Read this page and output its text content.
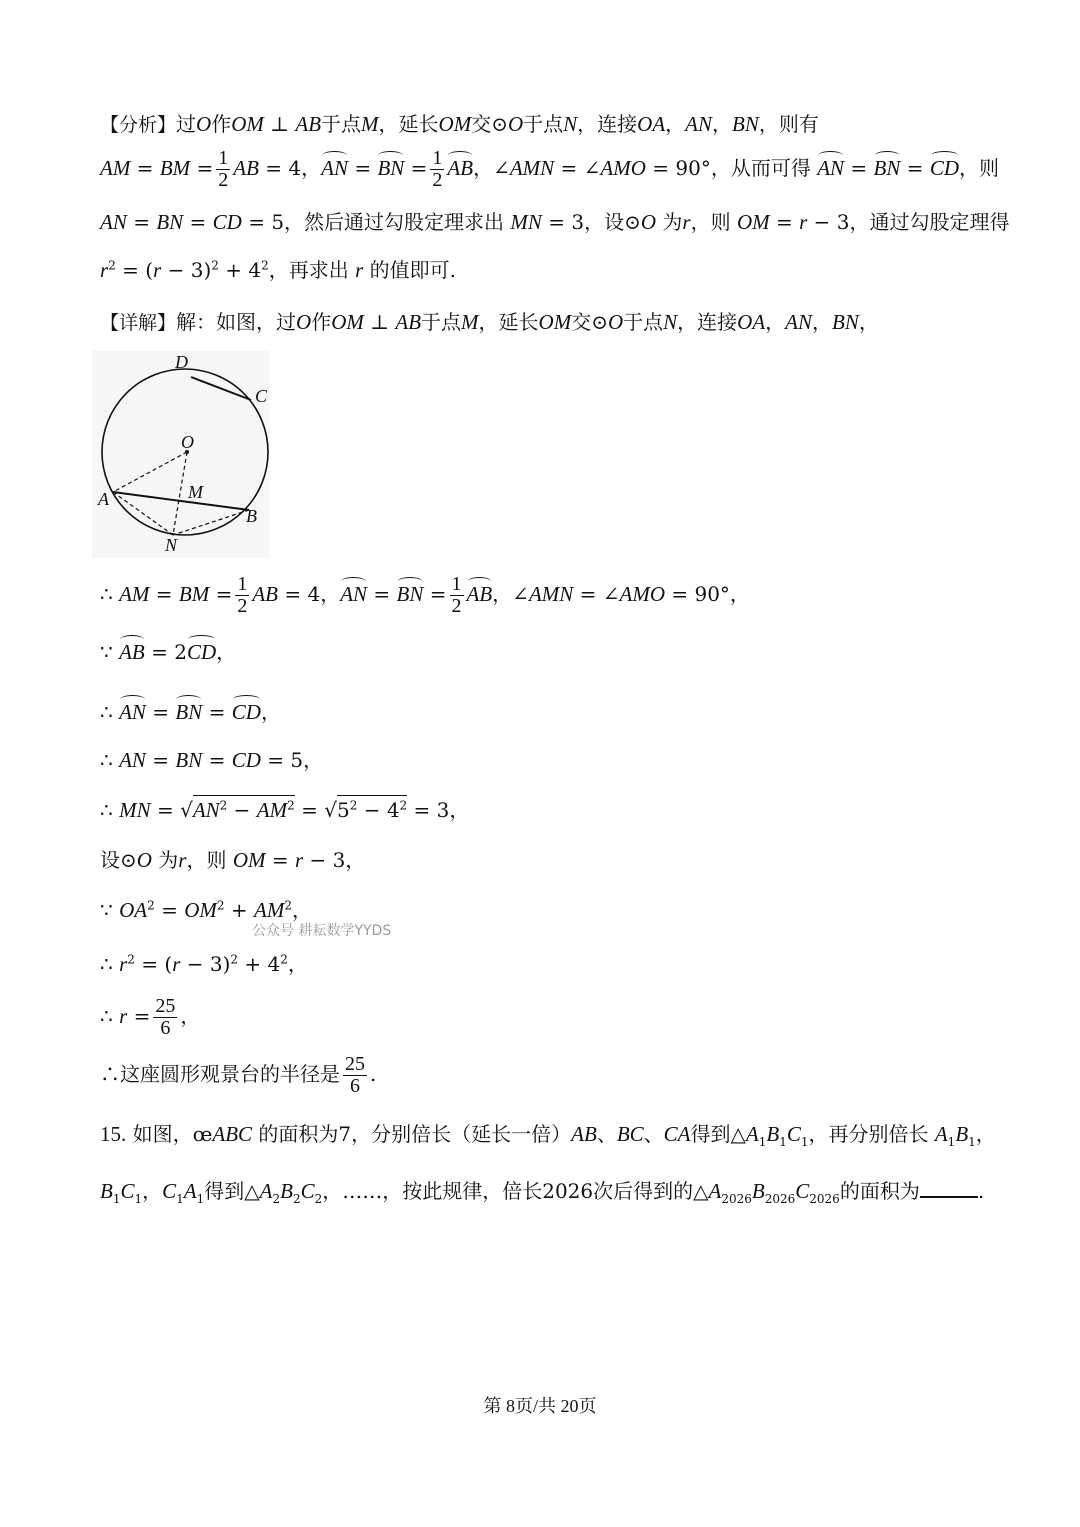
【分析】过O作OM ⊥ AB于点M，延长OM交⊙O于点N，连接OA，AN，BN，则有
AM = BM = $\frac{1}{2}$ AB = 4，AN = BN = $\frac{1}{2}$ AB，∠AMN = ∠AMO = 90°，从而可得 AN = BN = CD，则
AN = BN = CD = 5，然后通过勾股定理求出 MN = 3，设⊙O 为r，则 OM = r − 3，通过勾股定理得
$r^2 = (r - 3)^2 + 4^2$，再求出 r 的值即可.
【详解】解：如图，过O作OM ⊥ AB于点M，延长OM交⊙O于点N，连接OA，AN，BN，
D
C
O
M
A
B
N
∴ AM = BM = $\frac{1}{2}$ AB = 4，AN = BN = $\frac{1}{2}$ AB，∠AMN = ∠AMO = 90°，
∵ AB = 2CD，
∴ AN = BN = CD，
∴ AN = BN = CD = 5，
∴ MN = $√AN^2 - AM^2 = √5^2 - 4^2 = 3$，
设⊙O 为r，则 OM = r − 3，
∵ $OA^2 = OM^2 + AM^2$，
公众号 耕耘数学YYDS
∴ $r^2 = (r - 3)^2 + 4^2$，
∴ $r = \frac{25}{6}$ ，
∴这座圆形观景台的半径是 $\frac{25}{6}$ .
15. 如图，œABC 的面积为7，分别倍长（延长一倍）AB、BC、CA得到$\triangle A_1B_1C_1$，再分别倍长 $A_1B_1$，
$B_1C_1$，$C_1A_1$得到$\triangle A_2B_2C_2$，……，按此规律，倍长2026次后得到的$\triangle A_{2026}B_{2026}C_{2026}$的面积为	.
第 8页/共 20页
